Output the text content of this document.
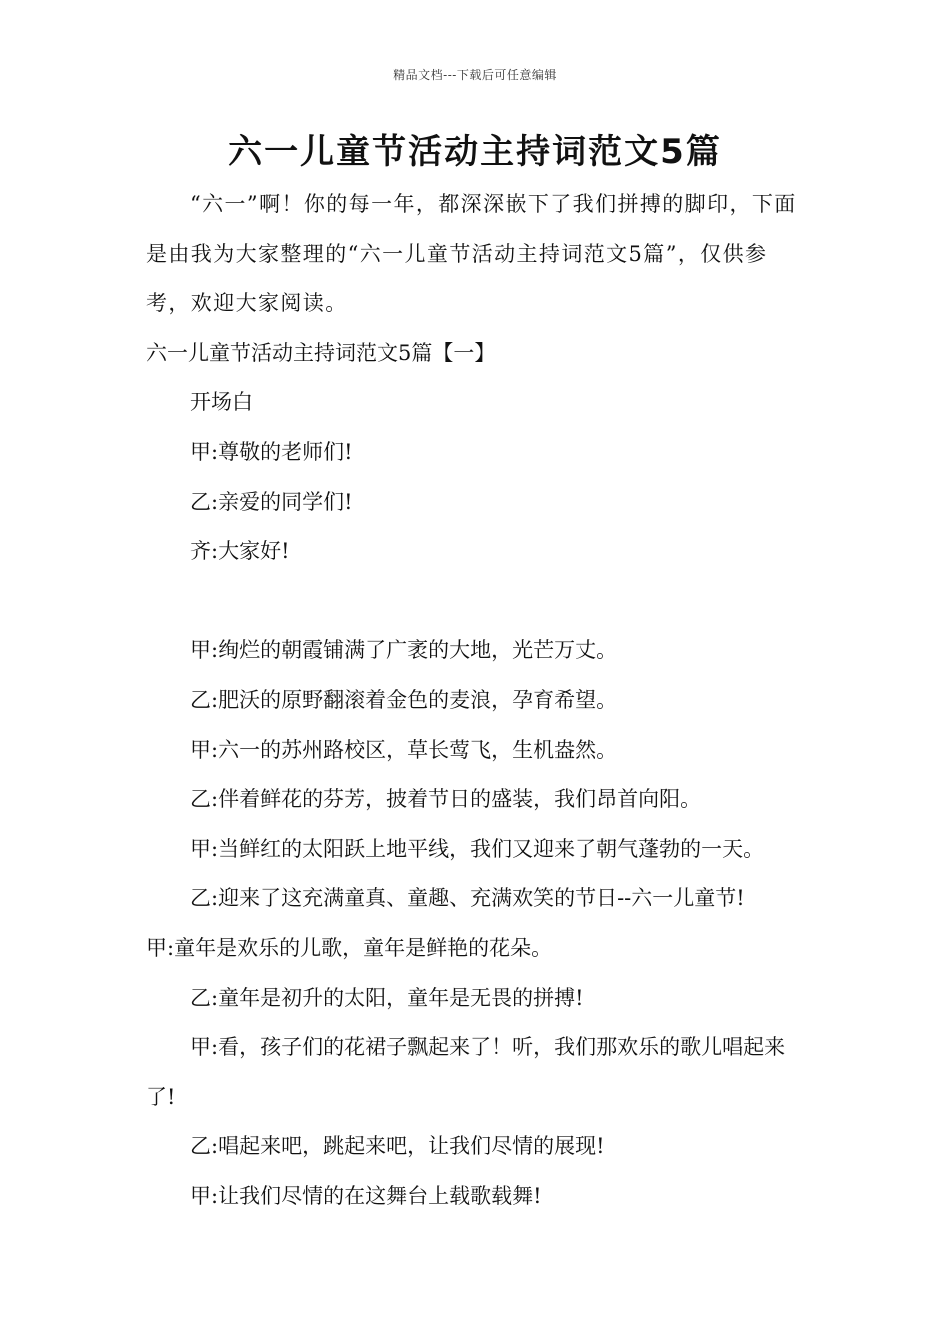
精品文档---下载后可任意编辑
六一儿童节活动主持词范文5篇

“六一”啊！你的每一年，都深深嵌下了我们拼搏的脚印，下面是由我为大家整理的“六一儿童节活动主持词范文5篇”，仅供参考，欢迎大家阅读。

六一儿童节活动主持词范文5篇【一】

开场白

甲:尊敬的老师们!

乙:亲爱的同学们!

齐:大家好!

甲:绚烂的朝霞铺满了广袤的大地，光芒万丈。

乙:肥沃的原野翻滚着金色的麦浪，孕育希望。

甲:六一的苏州路校区，草长莺飞，生机盎然。

乙:伴着鲜花的芬芳，披着节日的盛装，我们昂首向阳。

甲:当鲜红的太阳跃上地平线，我们又迎来了朝气蓬勃的一天。

乙:迎来了这充满童真、童趣、充满欢笑的节日--六一儿童节!

甲:童年是欢乐的儿歌，童年是鲜艳的花朵。

乙:童年是初升的太阳，童年是无畏的拼搏!

甲:看，孩子们的花裙子飘起来了！听，我们那欢乐的歌儿唱起来了!

乙:唱起来吧，跳起来吧，让我们尽情的展现!

甲:让我们尽情的在这舞台上载歌载舞!
